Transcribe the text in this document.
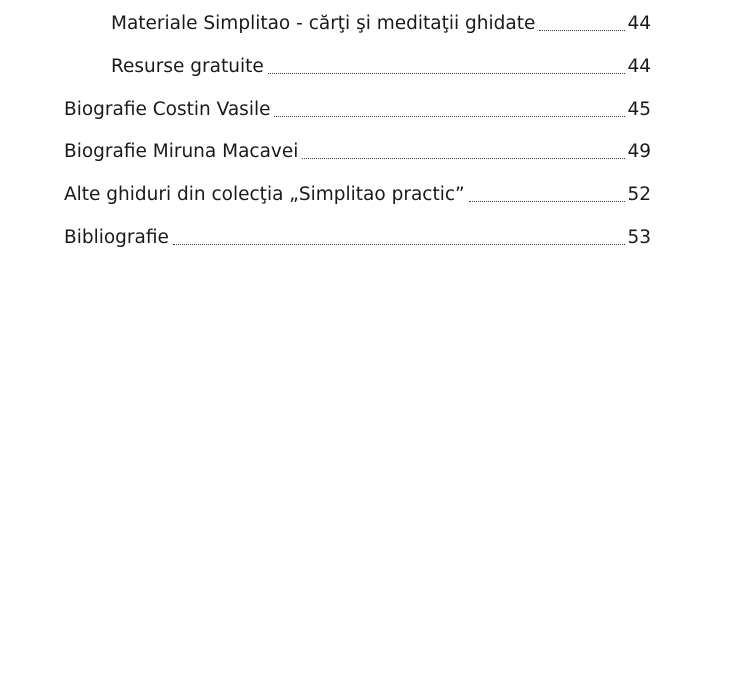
Materiale Simplitao - cărţi şi meditaţii ghidate	44
Resurse gratuite	44
Biografie Costin Vasile	45
Biografie Miruna Macavei	49
Alte ghiduri din colecţia „Simplitao practic”	52
Bibliografie	53
